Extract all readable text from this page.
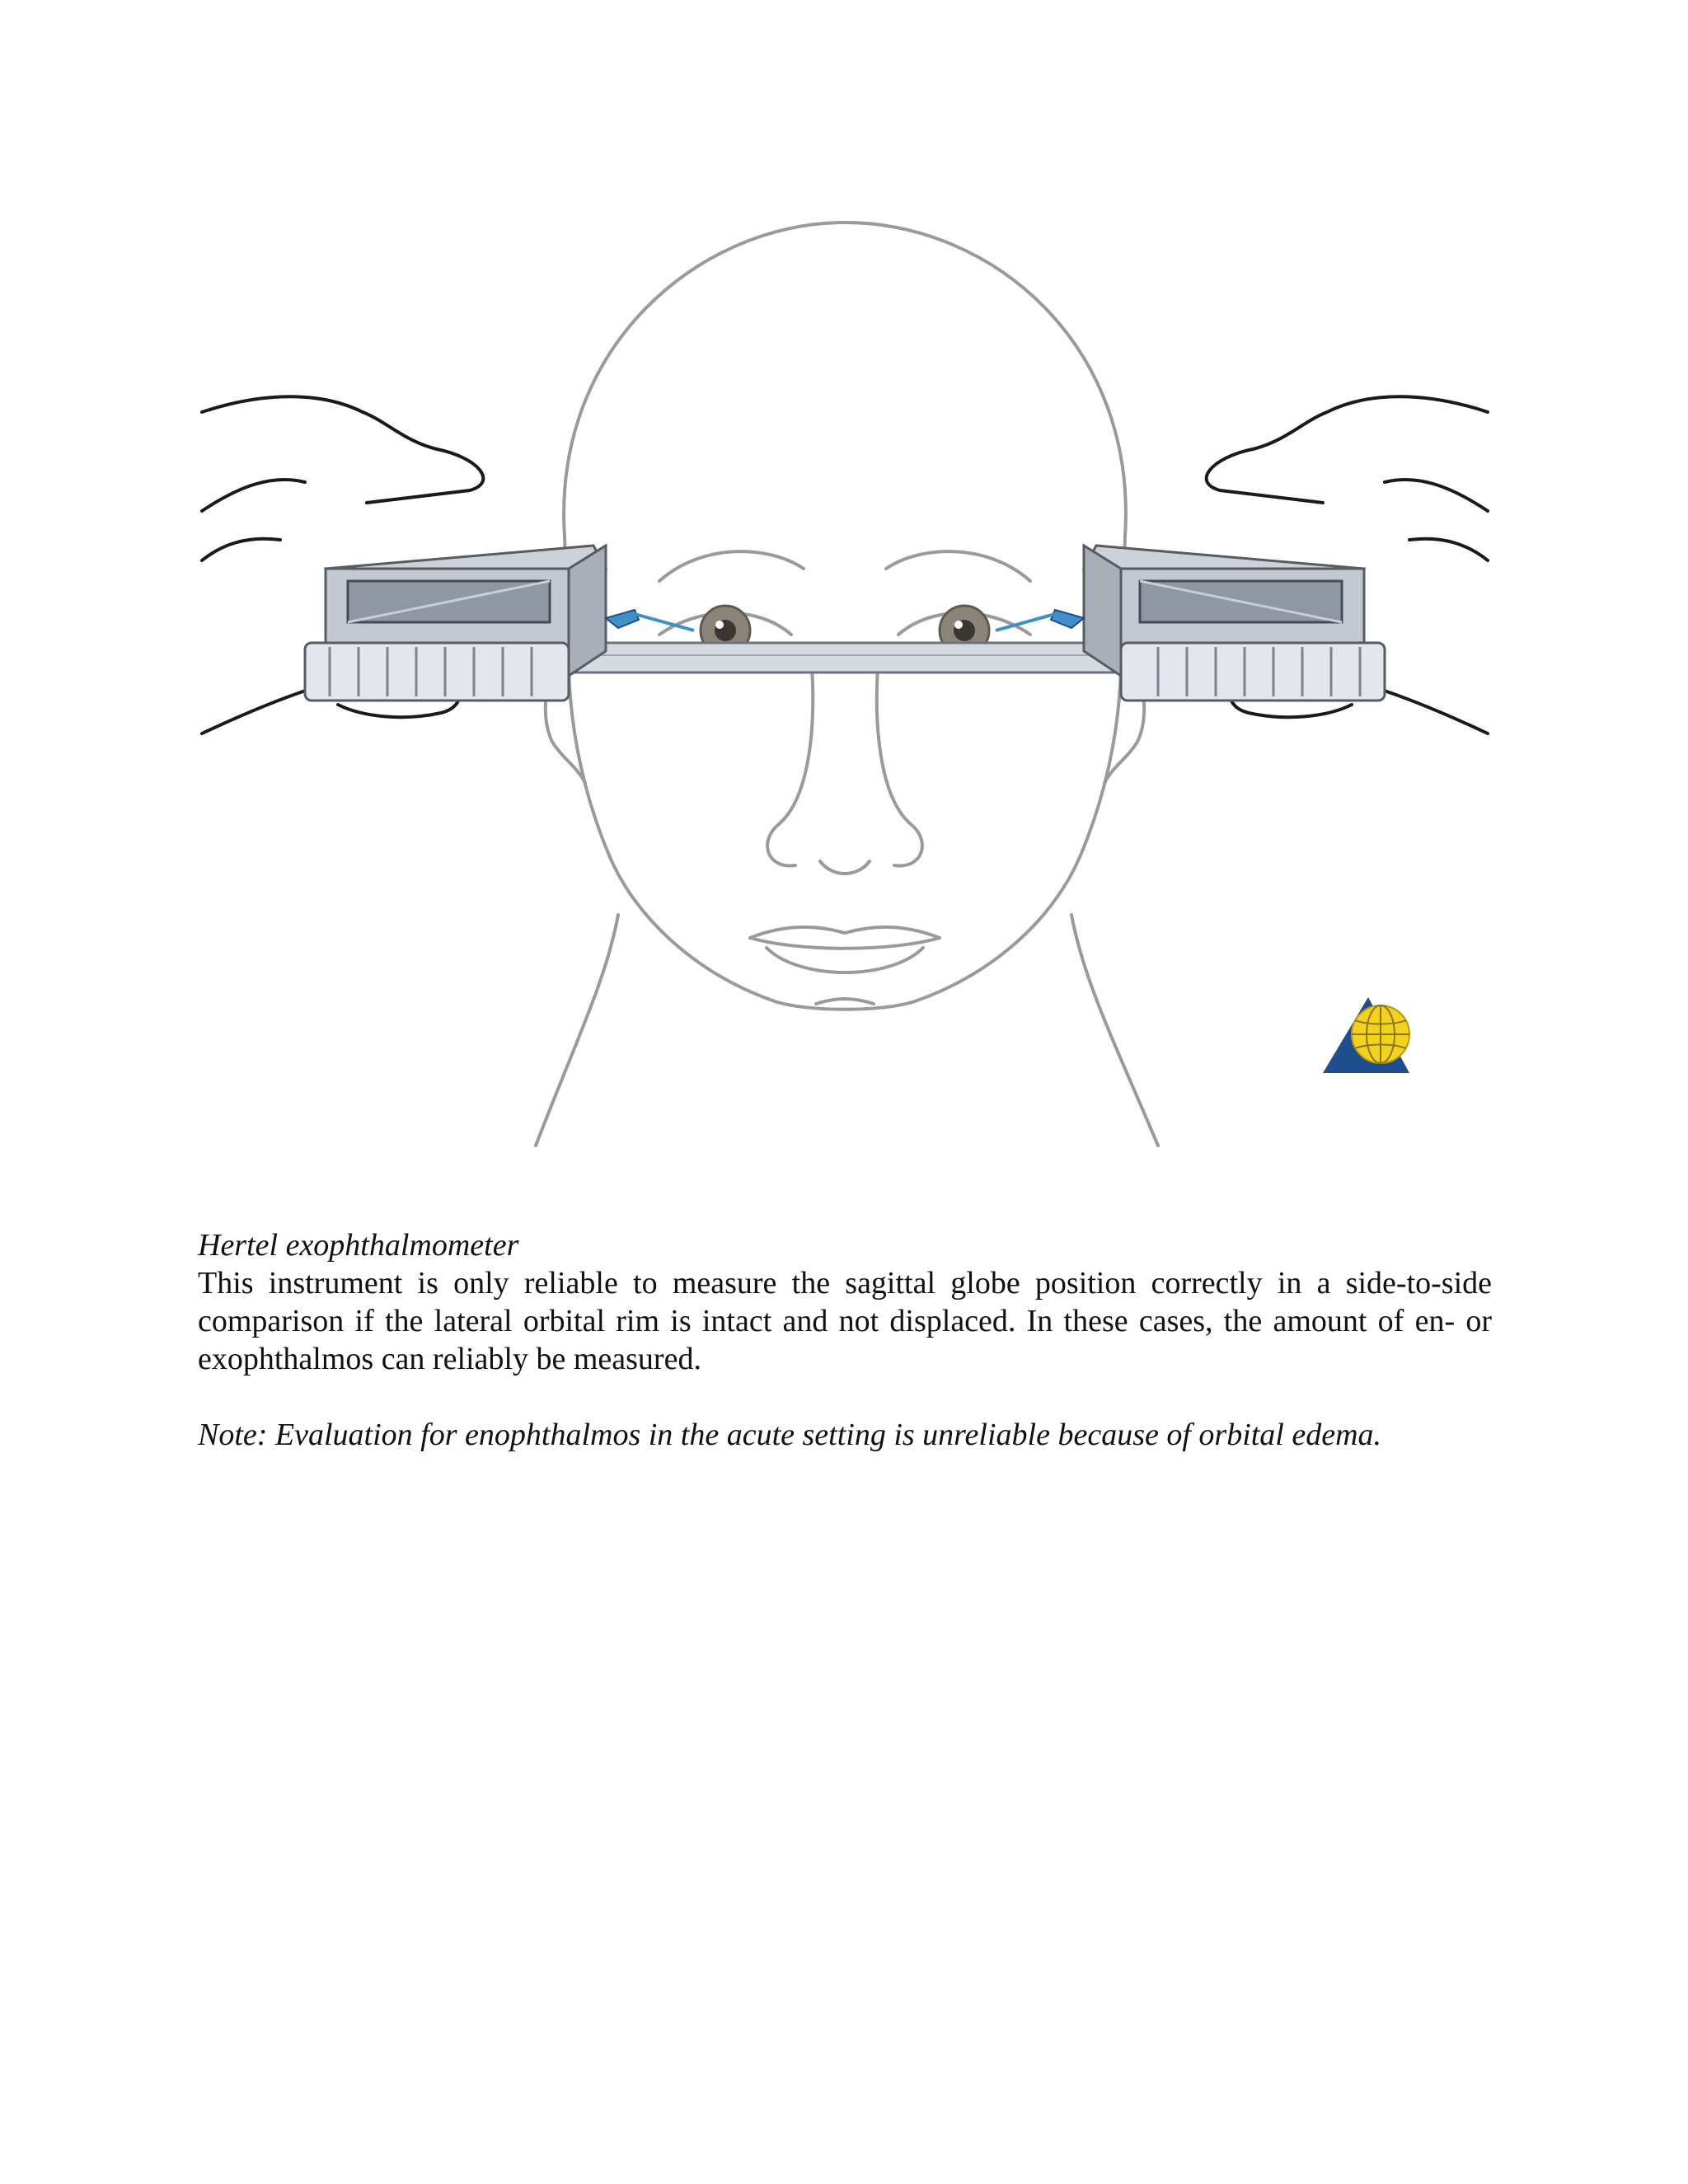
Hertel exophthalmometer

This instrument is only reliable to measure the sagittal globe position correctly in a side-to-side comparison if the lateral orbital rim is intact and not displaced. In these cases, the amount of en- or exophthalmos can reliably be measured.

Note: Evaluation for enophthalmos in the acute setting is unreliable because of orbital edema.
